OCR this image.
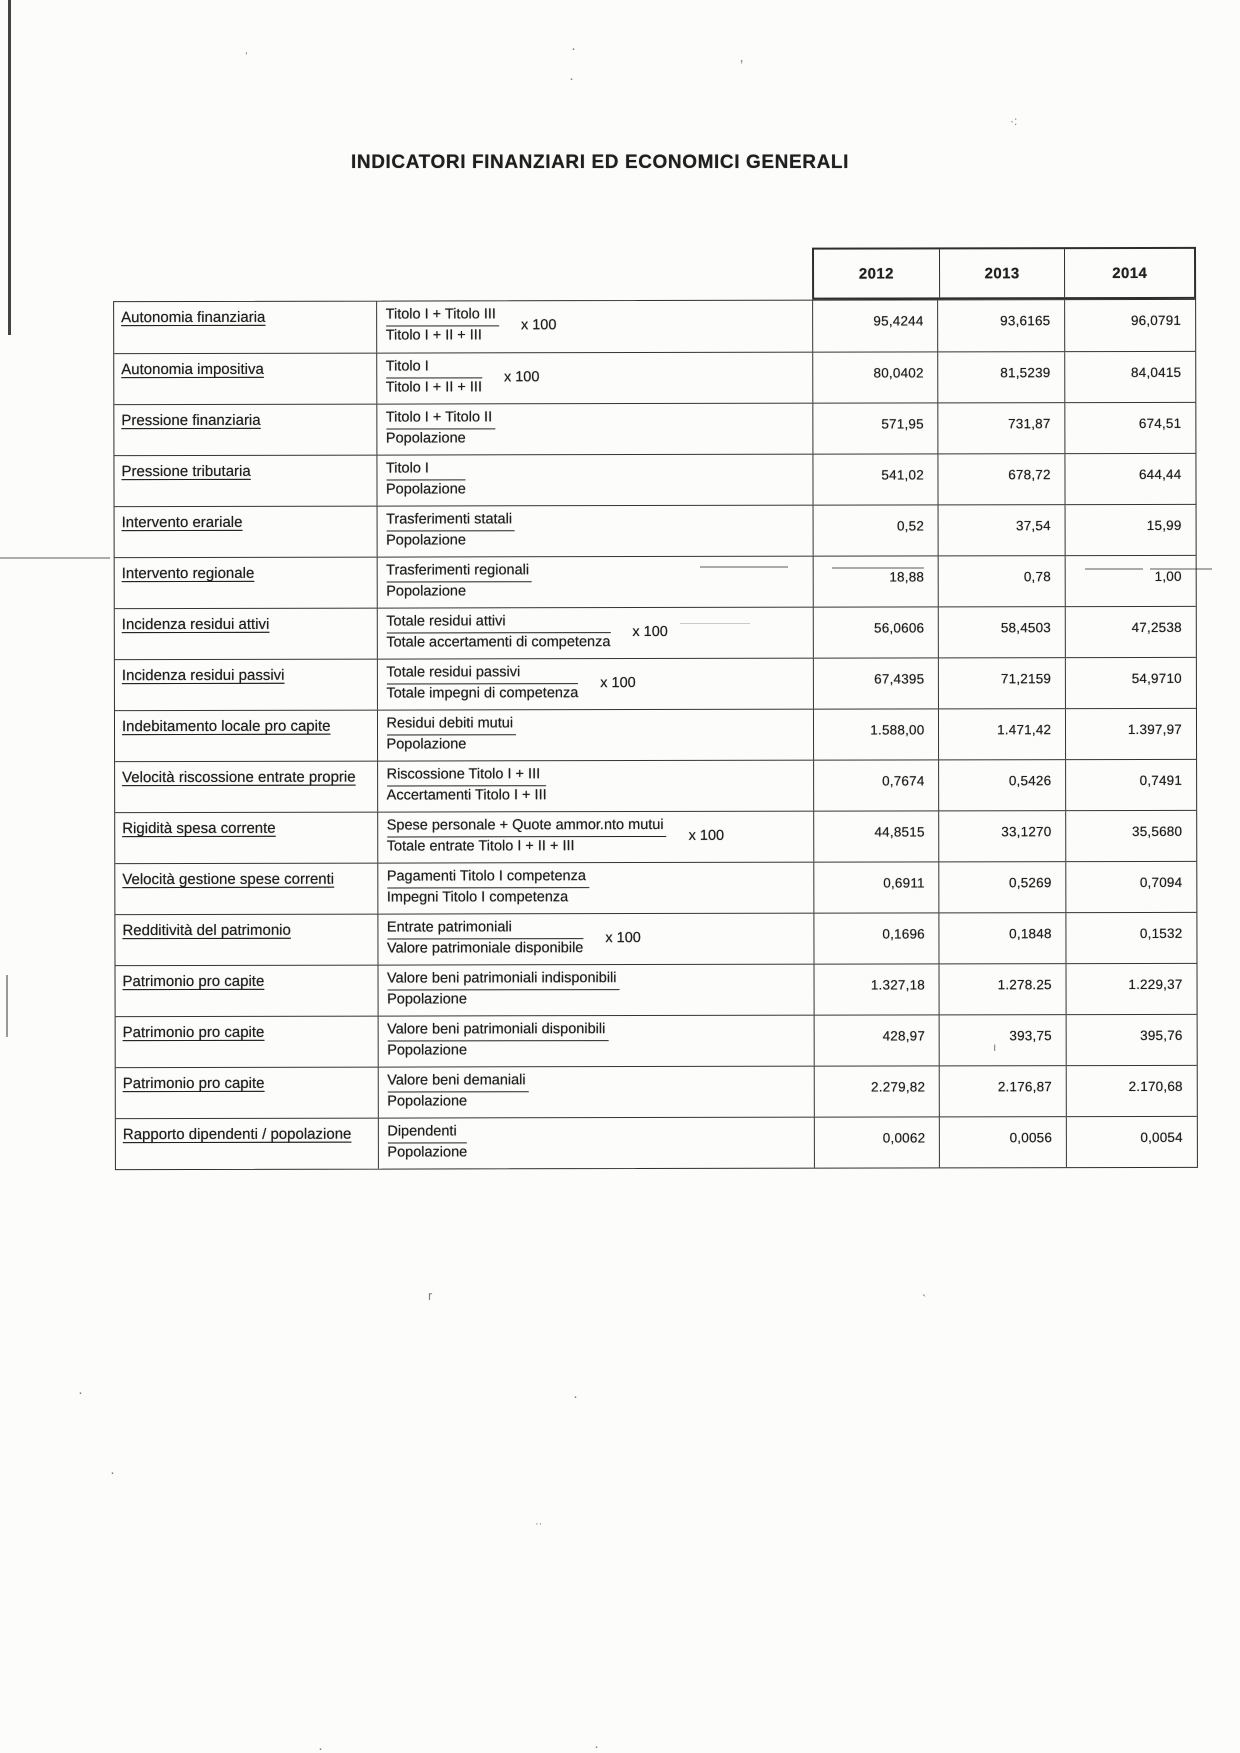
INDICATORI FINANZIARI ED ECONOMICI GENERALI
2012	2013	2014
Autonomia finanziaria	$\frac{\text{Titolo I + Titolo III}}{\text{Titolo I + II + III}}$ x 100	95,4244	93,6165	96,0791
Autonomia impositiva	$\frac{\text{Titolo I}}{\text{Titolo I + II + III}}$ x 100	80,0402	81,5239	84,0415
Pressione finanziaria	$\frac{\text{Titolo I + Titolo II}}{\text{Popolazione}}$	571,95	731,87	674,51
Pressione tributaria	$\frac{\text{Titolo I}}{\text{Popolazione}}$	541,02	678,72	644,44
Intervento erariale	$\frac{\text{Trasferimenti statali}}{\text{Popolazione}}$	0,52	37,54	15,99
Intervento regionale	$\frac{\text{Trasferimenti regionali}}{\text{Popolazione}}$	18,88	0,78	1,00
Incidenza residui attivi	$\frac{\text{Totale residui attivi}}{\text{Totale accertamenti di competenza}}$ x 100	56,0606	58,4503	47,2538
Incidenza residui passivi	$\frac{\text{Totale residui passivi}}{\text{Totale impegni di competenza}}$ x 100	67,4395	71,2159	54,9710
Indebitamento locale pro capite	$\frac{\text{Residui debiti mutui}}{\text{Popolazione}}$	1.588,00	1.471,42	1.397,97
Velocità riscossione entrate proprie	$\frac{\text{Riscossione Titolo I + III}}{\text{Accertamenti Titolo I + III}}$	0,7674	0,5426	0,7491
Rigidità spesa corrente	$\frac{\text{Spese personale + Quote ammor.nto mutui}}{\text{Totale entrate Titolo I + II + III}}$ x 100	44,8515	33,1270	35,5680
Velocità gestione spese correnti	$\frac{\text{Pagamenti Titolo I competenza}}{\text{Impegni Titolo I competenza}}$	0,6911	0,5269	0,7094
Redditività del patrimonio	$\frac{\text{Entrate patrimoniali}}{\text{Valore patrimoniale disponibile}}$ x 100	0,1696	0,1848	0,1532
Patrimonio pro capite	$\frac{\text{Valore beni patrimoniali indisponibili}}{\text{Popolazione}}$	1.327,18	1.278.25	1.229,37
Patrimonio pro capite	$\frac{\text{Valore beni patrimoniali disponibili}}{\text{Popolazione}}$	428,97	393,75	395,76
Patrimonio pro capite	$\frac{\text{Valore beni demaniali}}{\text{Popolazione}}$	2.279,82	2.176,87	2.170,68
Rapporto dipendenti / popolazione	$\frac{\text{Dipendenti}}{\text{Popolazione}}$	0,0062	0,0056	0,0054
ʾ	ʼ
·
·
·:
ı
r	`
·	·
·
··
·	·
